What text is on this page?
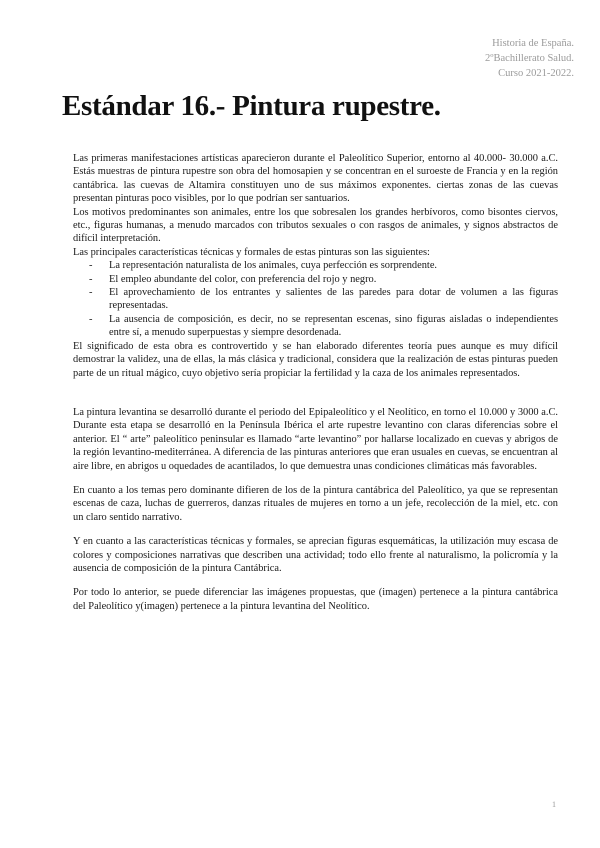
Historia de España.
2ºBachillerato Salud.
Curso 2021-2022.
Estándar 16.- Pintura rupestre.

Las primeras manifestaciones artísticas aparecieron durante el Paleolítico Superior, entorno al 40.000- 30.000 a.C. Estás muestras de pintura rupestre son obra del homosapien y se concentran en el suroeste de Francia y en la región cantábrica. las cuevas de Altamira constituyen uno de sus máximos exponentes. ciertas zonas de las cuevas presentan pinturas poco visibles, por lo que podrían ser santuarios.

Los motivos predominantes son animales, entre los que sobresalen los grandes herbívoros, como bisontes ciervos, etc., figuras humanas, a menudo marcados con tributos sexuales o con rasgos de animales, y signos abstractos de difícil interpretación.

Las principales características técnicas y formales de estas pinturas son las siguientes:

- La representación naturalista de los animales, cuya perfección es sorprendente.
- El empleo abundante del color, con preferencia del rojo y negro.
- El aprovechamiento de los entrantes y salientes de las paredes para dotar de volumen a las figuras representadas.
- La ausencia de composición, es decir, no se representan escenas, sino figuras aisladas o independientes entre sí, a menudo superpuestas y siempre desordenada.

El significado de esta obra es controvertido y se han elaborado diferentes teoría pues aunque es muy difícil demostrar la validez, una de ellas, la más clásica y tradicional, considera que la realización de estas pinturas pueden parte de un ritual mágico, cuyo objetivo sería propiciar la fertilidad y la caza de los animales representados.

La pintura levantina se desarrolló durante el periodo del Epipaleolítico y el Neolítico, en torno el 10.000 y 3000 a.C. Durante esta etapa se desarrolló en la Península Ibérica el arte rupestre levantino con claras diferencias sobre el anterior. El “ arte” paleolítico peninsular es llamado “arte levantino” por hallarse localizado en cuevas y abrigos de la región levantino-mediterránea. A diferencia de las pinturas anteriores que eran usuales en cuevas, se encuentran al aire libre, en abrigos u oquedades de acantilados, lo que demuestra unas condiciones climáticas más favorables.

En cuanto a los temas pero dominante difieren de los de la pintura cantábrica del Paleolítico, ya que se representan escenas de caza, luchas de guerreros, danzas rituales de mujeres en torno a un jefe, recolección de la miel, etc. con un claro sentido narrativo.

Y en cuanto a las características técnicas y formales, se aprecian figuras esquemáticas, la utilización muy escasa de colores y composiciones narrativas que describen una actividad; todo ello frente al naturalismo, la policromía y la ausencia de composición de la pintura Cantábrica.

Por todo lo anterior, se puede diferenciar las imágenes propuestas, que (imagen) pertenece a la pintura cantábrica del Paleolítico y(imagen) pertenece a la pintura levantina del Neolítico.

1
